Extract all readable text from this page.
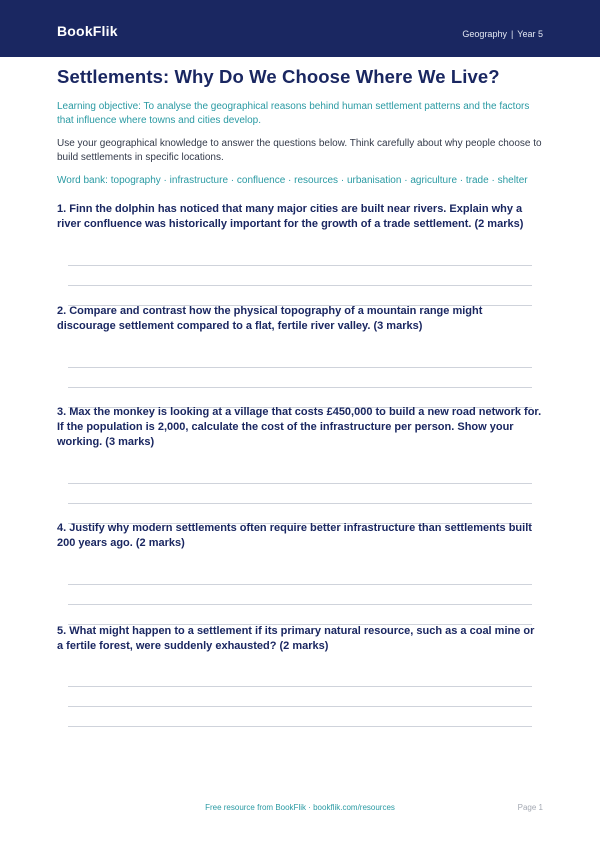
BookFlik	Geography | Year 5
Settlements: Why Do We Choose Where We Live?

Learning objective: To analyse the geographical reasons behind human settlement patterns and the factors that influence where towns and cities develop.

Use your geographical knowledge to answer the questions below. Think carefully about why people choose to build settlements in specific locations.

Word bank: topography · infrastructure · confluence · resources · urbanisation · agriculture · trade · shelter

1. Finn the dolphin has noticed that many major cities are built near rivers. Explain why a river confluence was historically important for the growth of a trade settlement. (2 marks)

2. Compare and contrast how the physical topography of a mountain range might discourage settlement compared to a flat, fertile river valley. (3 marks)

3. Max the monkey is looking at a village that costs £450,000 to build a new road network for. If the population is 2,000, calculate the cost of the infrastructure per person. Show your working. (3 marks)

4. Justify why modern settlements often require better infrastructure than settlements built 200 years ago. (2 marks)

5. What might happen to a settlement if its primary natural resource, such as a coal mine or a fertile forest, were suddenly exhausted? (2 marks)

Free resource from BookFlik · bookflik.com/resources	Page 1
